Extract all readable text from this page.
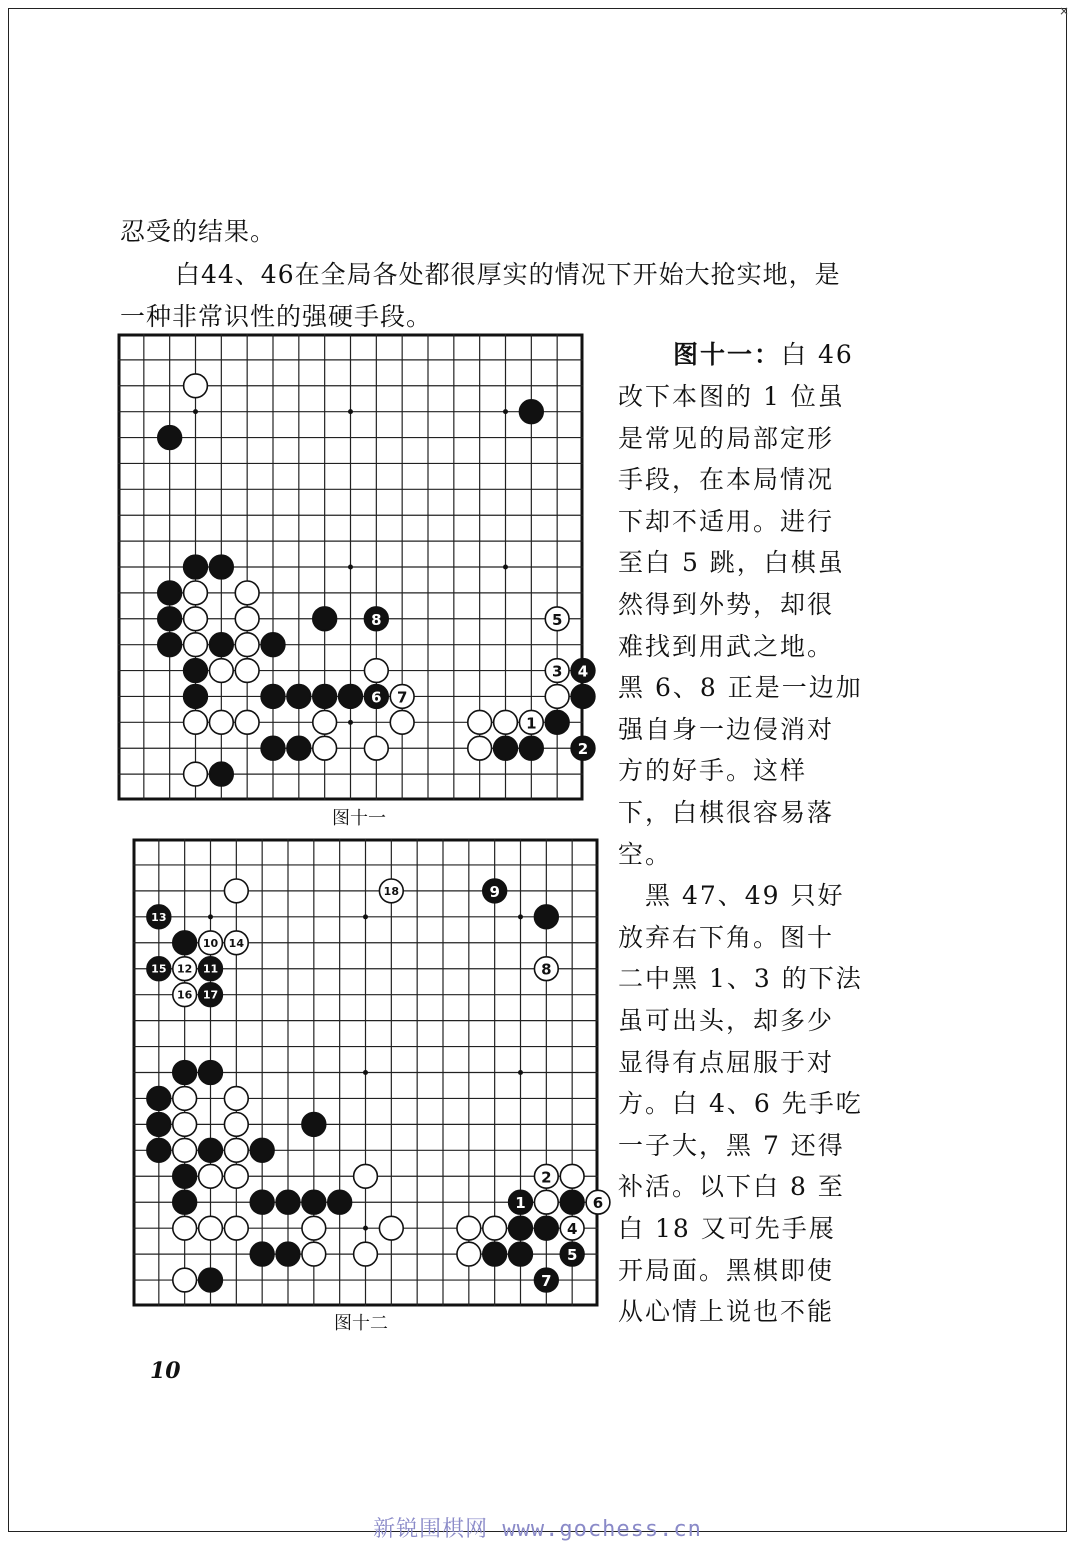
×
忍受的结果。
白44、46在全局各处都很厚实的情况下开始大抢实地，是
一种非常识性的强硬手段。
8	5
3 4
6 7
1
2
图十一
18	9
13
10 14
15 12 11	8
16 17
2
1	6
4
5
7
图十二
图十一：白 46
改下本图的 1 位虽
是常见的局部定形
手段，在本局情况
下却不适用。进行
至白 5 跳，白棋虽
然得到外势，却很
难找到用武之地。
黑 6、8 正是一边加
强自身一边侵消对
方的好手。这样
下，白棋很容易落
空。
　黑 47、49 只好
放弃右下角。图十
二中黑 1、3 的下法
虽可出头，却多少
显得有点屈服于对
方。白 4、6 先手吃
一子大，黑 7 还得
补活。以下白 8 至
白 18 又可先手展
开局面。黑棋即使
从心情上说也不能
10
新锐围棋网 www.gochess.cn
